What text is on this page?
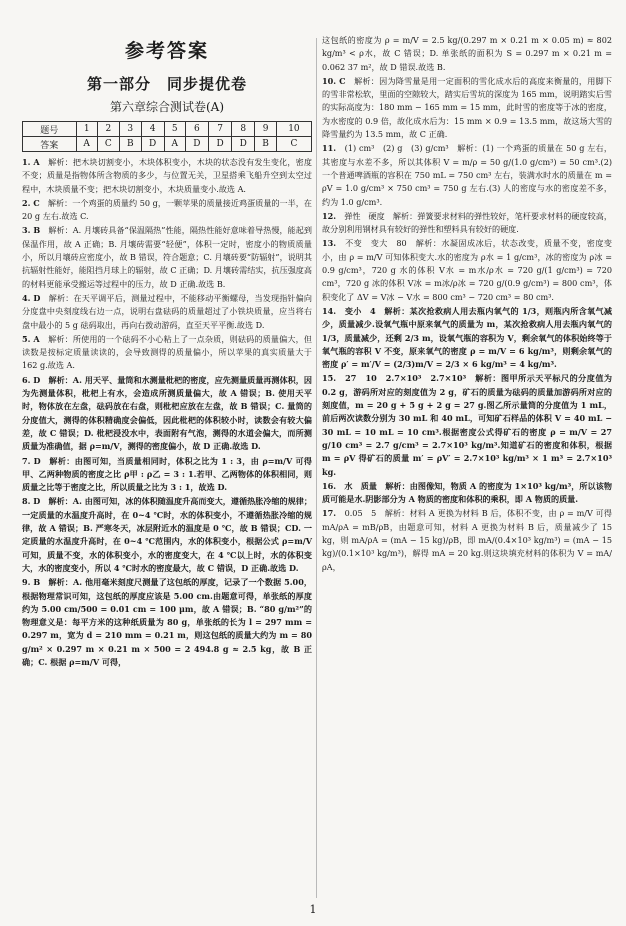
参考答案
第一部分　同步提优卷
第六章综合测试卷(A)
题号	1	2	3	4	5	6	7	8	9	10
答案	A	C	B	D	A	D	D	D	B	C

1. A　解析：把木块切割变小，木块体积变小，木块的状态没有发生变化，密度不变；质量是指物体所含物质的多少，与位置无关，卫星搭乘飞船升空到太空过程中，木块质量不变；把木块切割变小，木块质量变小.故选 A.

2. C　解析：一个鸡蛋的质量约 50 g，一颗苹果的质量接近鸡蛋质量的一半，在 20 g 左右.故选 C.

3. B　解析：A. 月壤砖具备“保温隔热”性能，隔热性能好意味着导热慢，能起到保温作用，故 A 正确；B. 月壤砖需要“轻便”，体积一定时，密度小的物质质量小，所以月壤砖应密度小，故 B 错误，符合题意；C. 月壤砖要“防辐射”，说明其抗辐射性能好，能阻挡月球上的辐射，故 C 正确；D. 月壤砖需结实，抗压强度高的材料更能承受搬运等过程中的压力，故 D 正确.故选 B.

4. D　解析：在天平调平后，测量过程中，不能移动平衡螺母，当发现指针偏向分度盘中央刻度线右边一点，说明右盘砝码的质量超过了小铁块质量，应当将右盘中最小的 5 g 砝码取出，再向右拨动游码，直至天平平衡.故选 D.

5. A　解析：所使用的一个砝码不小心粘上了一点杂质，则砝码的质量偏大，但读数是按标定质量读读的，会导致测得的质量偏小，所以苹果的真实质量大于 162 g.故选 A.

6. D　解析：A. 用天平、量筒和水测量枇杷的密度，应先测量质量再测体积，因为先测量体积，枇杷上有水，会造成所测质量偏大，故 A 错误；B. 使用天平时，物体放在左盘，砝码放在右盘，则枇杷应放在左盘，故 B 错误；C. 量筒的分度值大，测得的体积精确度会偏低，因此枇杷的体积较小时，读数会有较大偏差，故 C 错误；D. 枇杷浸没水中，表面附有气泡，测得的水道会偏大，而所测质量为准确值，据 ρ=m/V，测得的密度偏小，故 D 正确.故选 D.

7. D　解析：由图可知，当质量相同时，体积之比为 1 : 3，由 ρ=m/V 可得甲、乙两种物质的密度之比 ρ甲 : ρ乙 = 3 : 1.若甲、乙两物体的体积相同，则质量之比等于密度之比，所以质量之比为 3 : 1，故选 D.

8. D　解析：A. 由图可知，冰的体积随温度升高而变大，遵循热胀冷缩的规律；一定质量的水温度升高时，在 0~4 ℃时，水的体积变小，不遵循热胀冷缩的规律，故 A 错误；B. 严寒冬天，冰层附近水的温度是 0 ℃，故 B 错误；CD. 一定质量的水温度升高时，在 0~4 ℃范围内，水的体积变小，根据公式 ρ=m/V 可知，质量不变，水的体积变小，水的密度变大，在 4 ℃以上时，水的体积变大，水的密度变小，所以 4 ℃时水的密度最大，故 C 错误，D 正确.故选 D.

9. B　解析：A. 他用毫米刻度尺测量了这包纸的厚度，记录了一个数据 5.00，根据物理常识可知，这包纸的厚度应该是 5.00 cm.由题意可得，单张纸的厚度约为 5.00 cm/500 = 0.01 cm = 100 μm，故 A 错误；B. “80 g/m²”的物理意义是：每平方米的这种纸质量为 80 g，单张纸的长为 l = 297 mm = 0.297 m，宽为 d = 210 mm = 0.21 m，则这包纸的质量大约为 m = 80 g/m² × 0.297 m × 0.21 m × 500 = 2 494.8 g ≈ 2.5 kg，故 B 正确；C. 根据 ρ=m/V 可得，

这包纸的密度为 ρ = m/V = 2.5 kg/(0.297 m × 0.21 m × 0.05 m) ≈ 802 kg/m³ < ρ水，故 C 错误；D. 单张纸的面积为 S = 0.297 m × 0.21 m = 0.062 37 m²，故 D 错误.故选 B.

10. C　解析：因为降雪量是用一定面积的雪化成水后的高度来衡量的，用脚下的雪非常松软，里面的空隙较大，踏实后雪坑的深度为 165 mm，说明踏实后雪的实际高度为：180 mm − 165 mm = 15 mm，此时雪的密度等于冰的密度，为水密度的 0.9 倍，故化成水后为：15 mm × 0.9 = 13.5 mm，故这场大雪的降雪量约为 13.5 mm，故 C 正确.

11.　(1) cm³　(2) g　(3) g/cm³　解析：(1) 一个鸡蛋的质量在 50 g 左右，其密度与水差不多，所以其体积 V = m/ρ = 50 g/(1.0 g/cm³) = 50 cm³.(2) 一个普通啤酒瓶的容积在 750 mL = 750 cm³ 左右，装满水时水的质量在 m = ρV = 1.0 g/cm³ × 750 cm³ = 750 g 左右.(3) 人的密度与水的密度差不多，约为 1.0 g/cm³.

12.　弹性　硬度　解析：弹簧要求材料的弹性较好，笔杆要求材料的硬度较高，故分别利用钢材具有较好的弹性和塑料具有较好的硬度.

13.　不变　变大　80　解析：水凝固成冰后，状态改变，质量不变，密度变小，由 ρ = m/V 可知体积变大.水的密度为 ρ水 = 1 g/cm³，冰的密度为 ρ冰 = 0.9 g/cm³，720 g 水的体积 V水 = m水/ρ水 = 720 g/(1 g/cm³) = 720 cm³，720 g 冰的体积 V冰 = m冰/ρ冰 = 720 g/(0.9 g/cm³) = 800 cm³，体积变化了 ΔV = V冰 − V水 = 800 cm³ − 720 cm³ = 80 cm³.

14.　变小　4　解析：某次抢救病人用去瓶内氧气的 1/3，则瓶内所含氧气减少，质量减少.设氧气瓶中原来氧气的质量为 m，某次抢救病人用去瓶内氧气的 1/3，质量减少，还剩 2/3 m，设氧气瓶的容积为 V，剩余氧气的体积始终等于氧气瓶的容积 V 不变，原来氧气的密度 ρ = m/V = 6 kg/m³，则剩余氧气的密度 ρ′ = m′/V = (2/3)m/V = 2/3 × 6 kg/m³ = 4 kg/m³.

15.　27　10　2.7×10³　2.7×10³　解析：图甲所示天平标尺的分度值为 0.2 g，游码所对应的刻度值为 2 g，矿石的质量为砝码的质量加游码所对应的刻度值，m = 20 g + 5 g + 2 g = 27 g.图乙所示量筒的分度值为 1 mL，前后两次读数分别为 30 mL 和 40 mL，可知矿石样品的体积 V = 40 mL − 30 mL = 10 mL = 10 cm³.根据密度公式得矿石的密度 ρ = m/V = 27 g/10 cm³ = 2.7 g/cm³ = 2.7×10³ kg/m³.知道矿石的密度和体积，根据 m = ρV 得矿石的质量 m′ = ρV′ = 2.7×10³ kg/m³ × 1 m³ = 2.7×10³ kg.

16.　水　质量　解析：由图像知，物质 A 的密度为 1×10³ kg/m³，所以该物质可能是水.阴影部分为 A 物质的密度和体积的乘积，即 A 物质的质量.

17.　0.05　5　解析：材料 A 更换为材料 B 后，体积不变，由 ρ = m/V 可得 mA/ρA = mB/ρB，由题意可知，材料 A 更换为材料 B 后，质量减少了 15 kg，则 mA/ρA = (mA − 15 kg)/ρB，即 mA/(0.4×10³ kg/m³) = (mA − 15 kg)/(0.1×10³ kg/m³)，解得 mA = 20 kg.则这块填充材料的体积为 V = mA/ρA，

1
